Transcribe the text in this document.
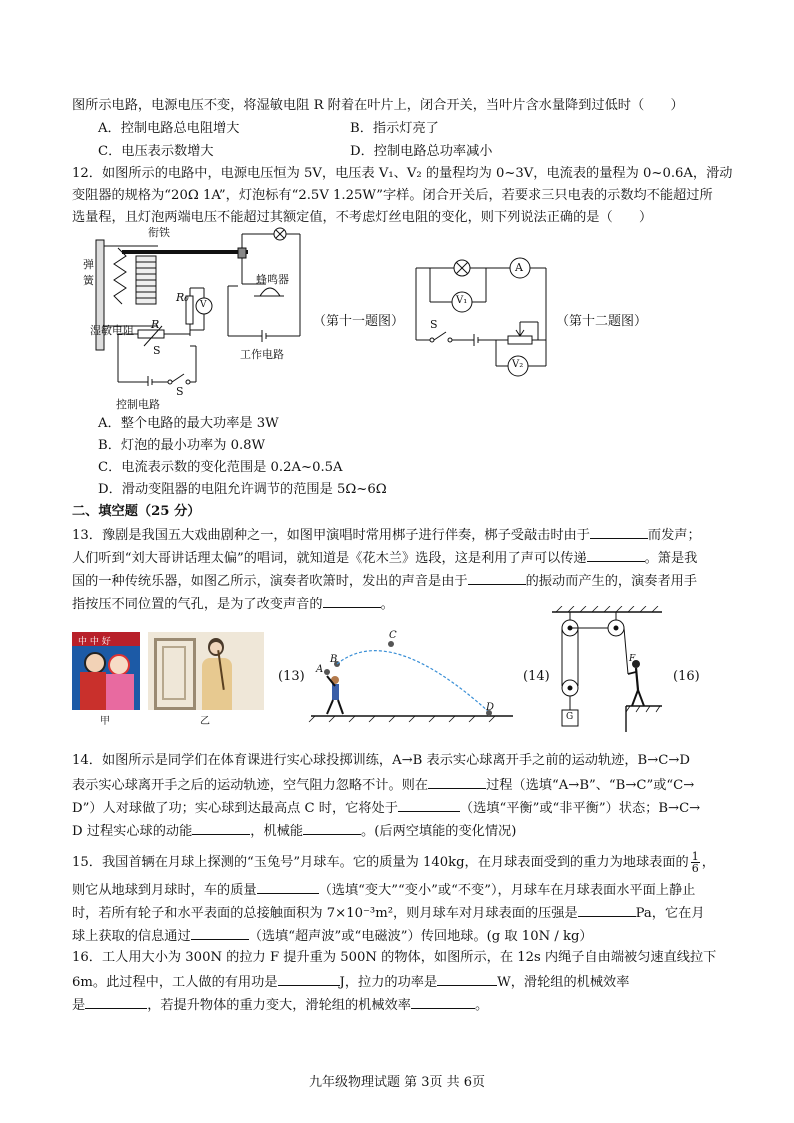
图所示电路，电源电压不变，将湿敏电阻 R 附着在叶片上，闭合开关，当叶片含水量降到过低时（　　）
A．控制电路总电阻增大	B．指示灯亮了
C．电压表示数增大	D．控制电路总功率减小
12．如图所示的电路中，电源电压恒为 5V，电压表 V₁、V₂ 的量程均为 0~3V，电流表的量程为 0~0.6A，滑动
变阻器的规格为“20Ω 1A”，灯泡标有“2.5V 1.25W”字样。闭合开关后，若要求三只电表的示数均不能超过所
选量程，且灯泡两端电压不能超过其额定值，不考虑灯丝电阻的变化，则下列说法正确的是（　　）
衔铁
弹
簧	蜂鸣器
R₀
V
R
湿敏电阻
S	工作电路
S
控制电路
（第十一题图）
A
V₁
S
V₂
（第十二题图）
A．整个电路的最大功率是 3W
B．灯泡的最小功率为 0.8W
C．电流表示数的变化范围是 0.2A~0.5A
D．滑动变阻器的电阻允许调节的范围是 5Ω~6Ω
二、填空题（25 分）
13．豫剧是我国五大戏曲剧种之一，如图甲演唱时常用梆子进行伴奏，梆子受敲击时由于	而发声；
人们听到“刘大哥讲话理太偏”的唱词，就知道是《花木兰》选段，这是利用了声可以传递	。箫是我
国的一种传统乐器，如图乙所示，演奏者吹箫时，发出的声音是由于	的振动而产生的，演奏者用手
指按压不同位置的气孔，是为了改变声音的	。
中 中 好
甲	乙
(13) A
B
C
D
(14)
F
G
(16)
14．如图所示是同学们在体育课进行实心球投掷训练，A→B 表示实心球离开手之前的运动轨迹，B→C→D
表示实心球离开手之后的运动轨迹，空气阻力忽略不计。则在	过程（选填“A→B”、“B→C”或“C→
D”）人对球做了功；实心球到达最高点 C 时，它将处于	（选填“平衡”或“非平衡”）状态；B→C→
D 过程实心球的动能	，机械能	。(后两空填能的变化情况)
15．我国首辆在月球上探测的“玉兔号”月球车。它的质量为 140kg，在月球表面受到的重力为地球表面的 $\frac{1}{6}$ ，
则它从地球到月球时，车的质量	（选填“变大”“变小”或“不变”），月球车在月球表面水平面上静止
时，若所有轮子和水平表面的总接触面积为 7×10⁻³m²，则月球车对月球表面的压强是	Pa，它在月
球上获取的信息通过	（选填“超声波”或“电磁波”）传回地球。(g 取 10N / kg）
16．工人用大小为 300N 的拉力 F 提升重为 500N 的物体，如图所示，在 12s 内绳子自由端被匀速直线拉下
6m。此过程中，工人做的有用功是	J，拉力的功率是	W，滑轮组的机械效率
是	，若提升物体的重力变大，滑轮组的机械效率	。
九年级物理试题 第 3页 共 6页
